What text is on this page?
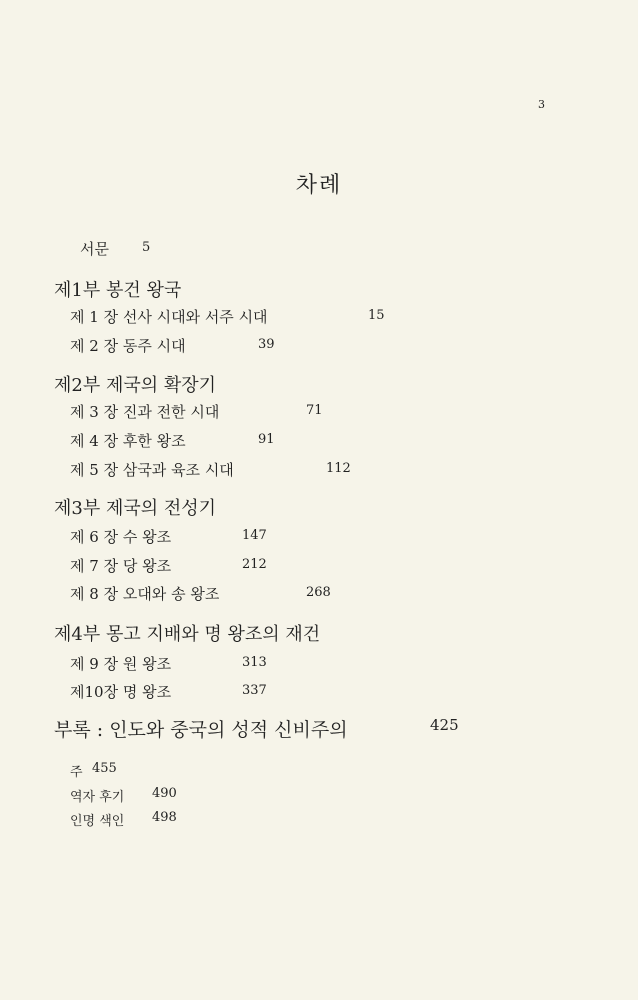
3
차례
서문	5
제1부 봉건 왕국
제 1 장 선사 시대와 서주 시대	15
제 2 장 동주 시대	39
제2부 제국의 확장기
제 3 장 진과 전한 시대	71
제 4 장 후한 왕조	91
제 5 장 삼국과 육조 시대	112
제3부 제국의 전성기
제 6 장 수 왕조	147
제 7 장 당 왕조	212
제 8 장 오대와 송 왕조	268
제4부 몽고 지배와 명 왕조의 재건
제 9 장 원 왕조	313
제10장 명 왕조	337
부록 : 인도와 중국의 성적 신비주의	425
주 455
역자 후기 490
인명 색인 498
